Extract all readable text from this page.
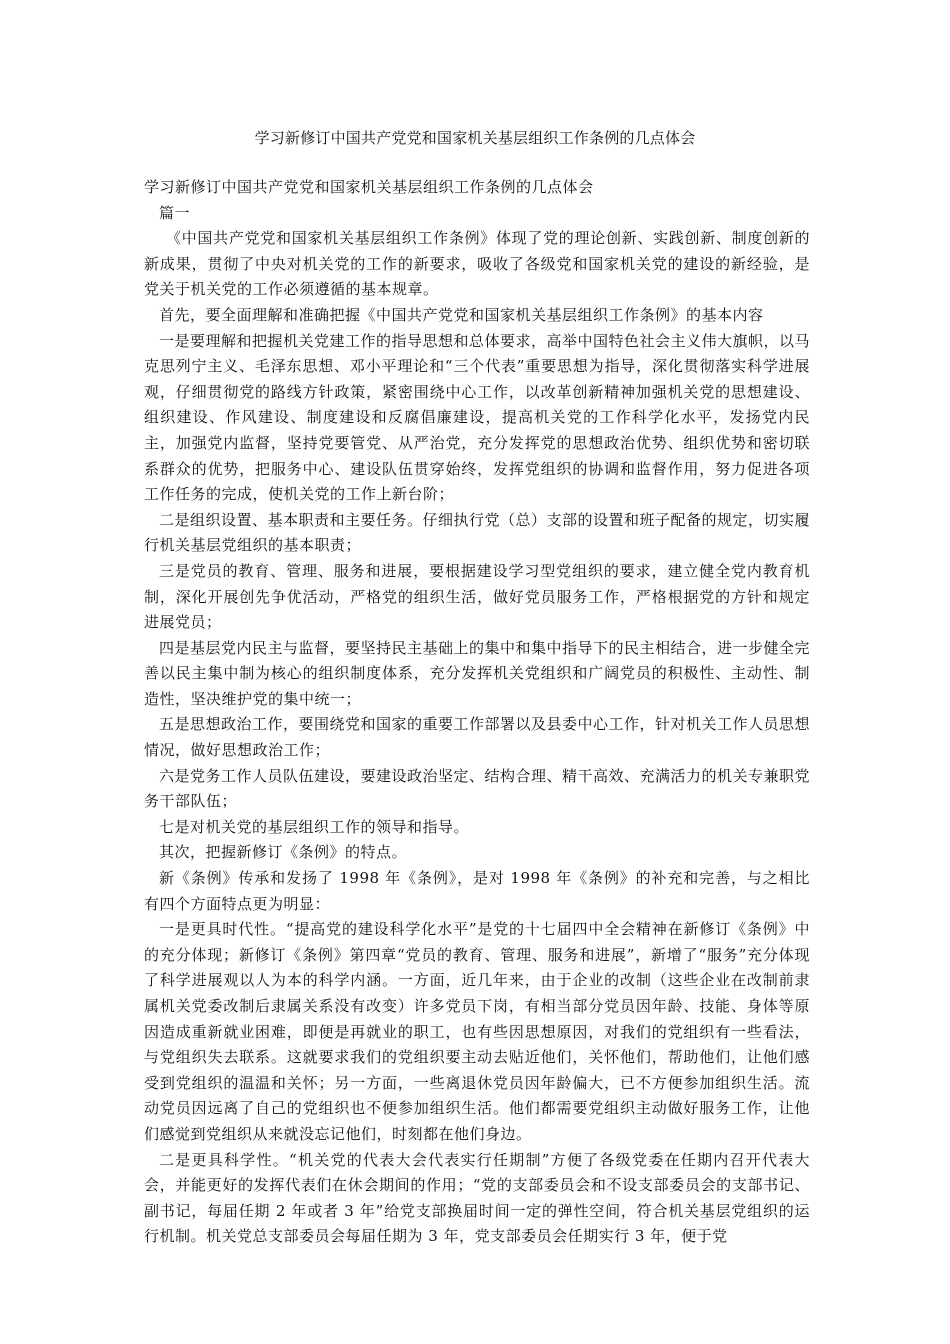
学习新修订中国共产党党和国家机关基层组织工作条例的几点体会

学习新修订中国共产党党和国家机关基层组织工作条例的几点体会

篇一

《中国共产党党和国家机关基层组织工作条例》体现了党的理论创新、实践创新、制度创新的新成果，贯彻了中央对机关党的工作的新要求，吸收了各级党和国家机关党的建设的新经验，是党关于机关党的工作必须遵循的基本规章。

首先，要全面理解和准确把握《中国共产党党和国家机关基层组织工作条例》的基本内容

一是要理解和把握机关党建工作的指导思想和总体要求，高举中国特色社会主义伟大旗帜，以马克思列宁主义、毛泽东思想、邓小平理论和“三个代表”重要思想为指导，深化贯彻落实科学进展观，仔细贯彻党的路线方针政策，紧密围绕中心工作，以改革创新精神加强机关党的思想建设、组织建设、作风建设、制度建设和反腐倡廉建设，提高机关党的工作科学化水平，发扬党内民主，加强党内监督，坚持党要管党、从严治党，充分发挥党的思想政治优势、组织优势和密切联系群众的优势，把服务中心、建设队伍贯穿始终，发挥党组织的协调和监督作用，努力促进各项工作任务的完成，使机关党的工作上新台阶；

二是组织设置、基本职责和主要任务。仔细执行党（总）支部的设置和班子配备的规定，切实履行机关基层党组织的基本职责；

三是党员的教育、管理、服务和进展，要根据建设学习型党组织的要求，建立健全党内教育机制，深化开展创先争优活动，严格党的组织生活，做好党员服务工作，严格根据党的方针和规定进展党员；

四是基层党内民主与监督，要坚持民主基础上的集中和集中指导下的民主相结合，进一步健全完善以民主集中制为核心的组织制度体系，充分发挥机关党组织和广阔党员的积极性、主动性、制造性，坚决维护党的集中统一；

五是思想政治工作，要围绕党和国家的重要工作部署以及县委中心工作，针对机关工作人员思想情况，做好思想政治工作；

六是党务工作人员队伍建设，要建设政治坚定、结构合理、精干高效、充满活力的机关专兼职党务干部队伍；

七是对机关党的基层组织工作的领导和指导。

其次，把握新修订《条例》的特点。

新《条例》传承和发扬了 1998 年《条例》，是对 1998 年《条例》的补充和完善，与之相比有四个方面特点更为明显：

一是更具时代性。“提高党的建设科学化水平”是党的十七届四中全会精神在新修订《条例》中的充分体现；新修订《条例》第四章“党员的教育、管理、服务和进展”，新增了“服务”充分体现了科学进展观以人为本的科学内涵。一方面，近几年来，由于企业的改制（这些企业在改制前隶属机关党委改制后隶属关系没有改变）许多党员下岗，有相当部分党员因年龄、技能、身体等原因造成重新就业困难，即便是再就业的职工，也有些因思想原因，对我们的党组织有一些看法，与党组织失去联系。这就要求我们的党组织要主动去贴近他们，关怀他们，帮助他们，让他们感受到党组织的温温和关怀；另一方面，一些离退休党员因年龄偏大，已不方便参加组织生活。流动党员因远离了自己的党组织也不便参加组织生活。他们都需要党组织主动做好服务工作，让他们感觉到党组织从来就没忘记他们，时刻都在他们身边。

二是更具科学性。“机关党的代表大会代表实行任期制”方便了各级党委在任期内召开代表大会，并能更好的发挥代表们在休会期间的作用；“党的支部委员会和不设支部委员会的支部书记、副书记，每届任期 2 年或者 3 年”给党支部换届时间一定的弹性空间，符合机关基层党组织的运行机制。机关党总支部委员会每届任期为 3 年，党支部委员会任期实行 3 年，便于党
